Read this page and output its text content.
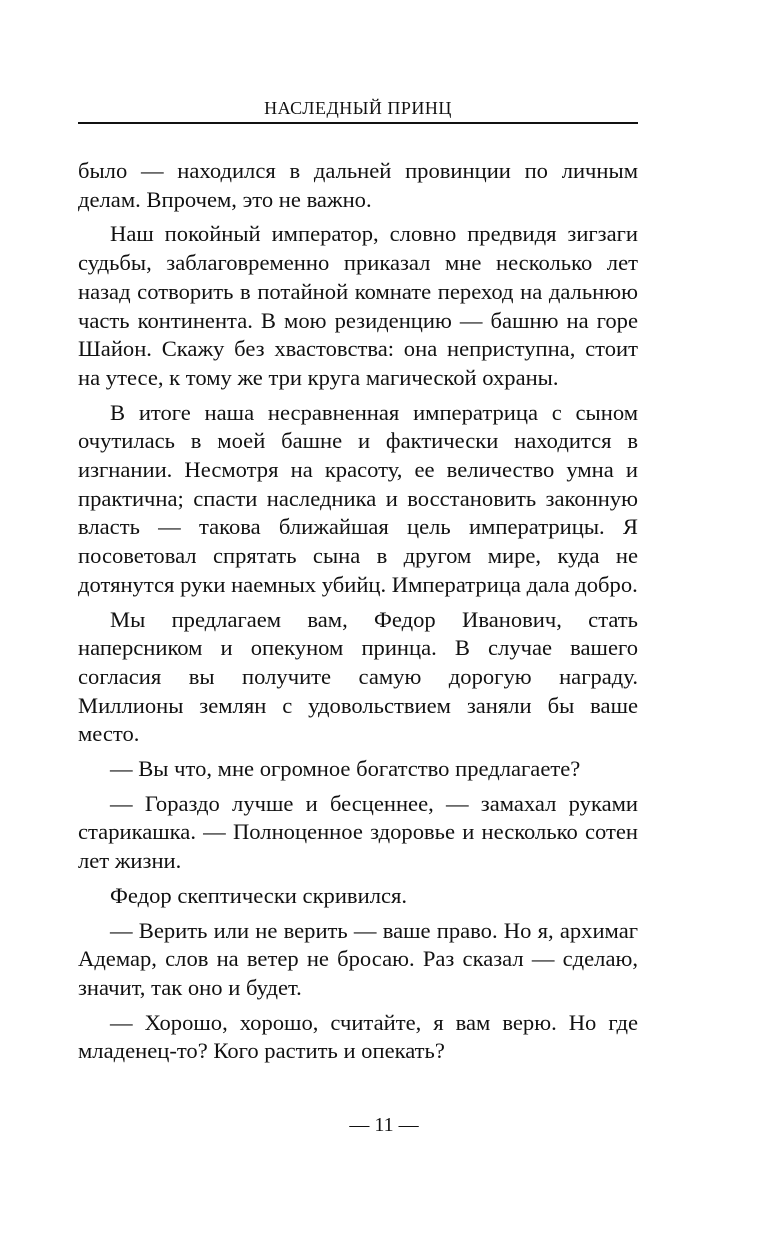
НАСЛЕДНЫЙ ПРИНЦ

было — находился в дальней провинции по личным делам. Впрочем, это не важно.

Наш покойный император, словно предвидя зигзаги судьбы, заблаговременно приказал мне несколько лет назад сотворить в потайной комнате переход на дальнюю часть континента. В мою резиденцию — башню на горе Шайон. Скажу без хвастовства: она неприступна, стоит на утесе, к тому же три круга магической охраны.

В итоге наша несравненная императрица с сыном очутилась в моей башне и фактически находится в изгнании. Несмотря на красоту, ее величество умна и практична; спасти наследника и восстановить законную власть — такова ближайшая цель императрицы. Я посоветовал спрятать сына в другом мире, куда не дотянутся руки наемных убийц. Императрица дала добро.

Мы предлагаем вам, Федор Иванович, стать наперсником и опекуном принца. В случае вашего согласия вы получите самую дорогую награду. Миллионы землян с удовольствием заняли бы ваше место.

— Вы что, мне огромное богатство предлагаете?

— Гораздо лучше и бесценнее, — замахал руками старикашка. — Полноценное здоровье и несколько сотен лет жизни.

Федор скептически скривился.

— Верить или не верить — ваше право. Но я, архимаг Адемар, слов на ветер не бросаю. Раз сказал — сделаю, значит, так оно и будет.

— Хорошо, хорошо, считайте, я вам верю. Но где младенец-то? Кого растить и опекать?

— 11 —
